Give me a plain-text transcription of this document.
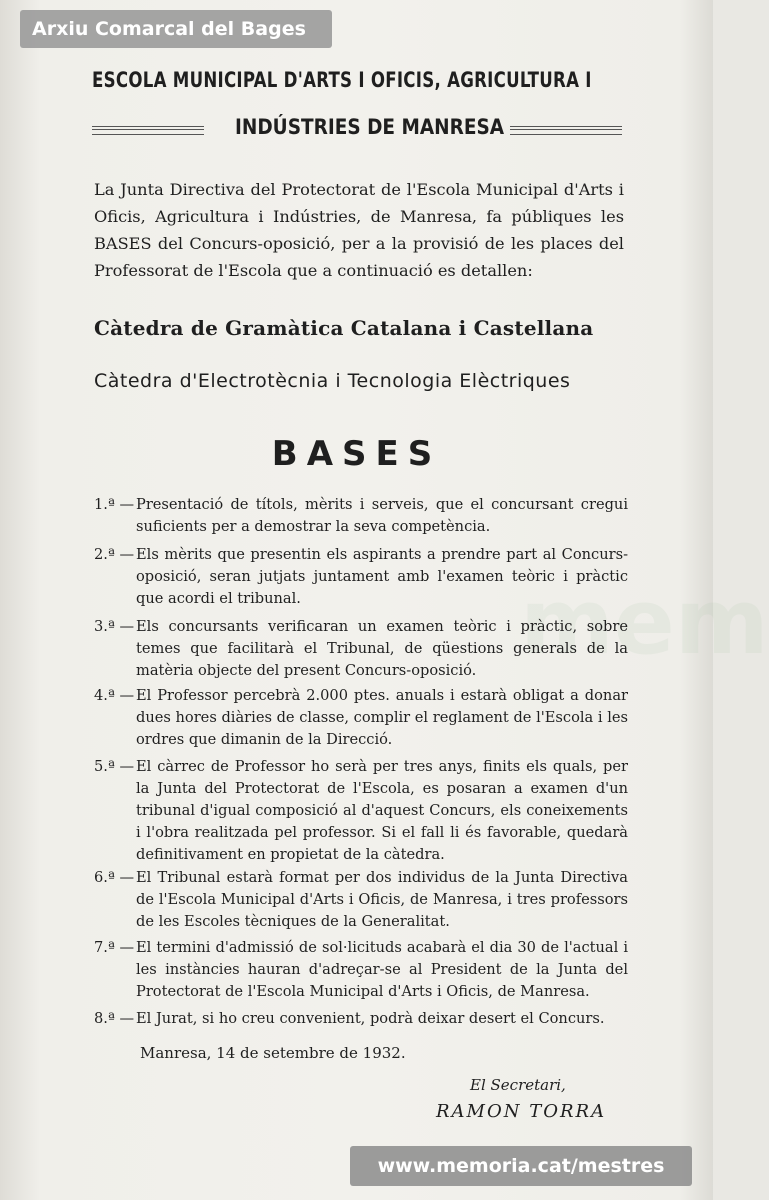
mem
Arxiu Comarcal del Bages
ESCOLA MUNICIPAL D'ARTS I OFICIS, AGRICULTURA I
INDÚSTRIES DE MANRESA
La Junta Directiva del Protectorat de l'Escola Municipal d'Arts i Oficis, Agricultura i Indústries, de Manresa, fa públiques les BASES del Concurs-oposició, per a la provisió de les places del Professorat de l'Escola que a continuació es detallen:
Càtedra de Gramàtica Catalana i Castellana
Càtedra d'Electrotècnia i Tecnologia Elèctriques
BASES
1.ª — Presentació de títols, mèrits i serveis, que el concursant cregui suficients per a demostrar la seva competència.
2.ª — Els mèrits que presentin els aspirants a prendre part al Concurs-oposició, seran jutjats juntament amb l'examen teòric i pràctic que acordi el tribunal.
3.ª — Els concursants verificaran un examen teòric i pràctic, sobre temes que facilitarà el Tribunal, de qüestions generals de la matèria objecte del present Concurs-oposició.
4.ª — El Professor percebrà 2.000 ptes. anuals i estarà obligat a donar dues hores diàries de classe, complir el reglament de l'Escola i les ordres que dimanin de la Direcció.
5.ª — El càrrec de Professor ho serà per tres anys, finits els quals, per la Junta del Protectorat de l'Escola, es posaran a examen d'un tribunal d'igual composició al d'aquest Concurs, els coneixements i l'obra realitzada pel professor. Si el fall li és favorable, quedarà definitivament en propietat de la càtedra.
6.ª — El Tribunal estarà format per dos individus de la Junta Directiva de l'Escola Municipal d'Arts i Oficis, de Manresa, i tres professors de les Escoles tècniques de la Generalitat.
7.ª — El termini d'admissió de sol·licituds acabarà el dia 30 de l'actual i les instàncies hauran d'adreçar-se al President de la Junta del Protectorat de l'Escola Municipal d'Arts i Oficis, de Manresa.
8.ª — El Jurat, si ho creu convenient, podrà deixar desert el Concurs.
Manresa, 14 de setembre de 1932.
El Secretari,
RAMON TORRA
www.memoria.cat/mestres
